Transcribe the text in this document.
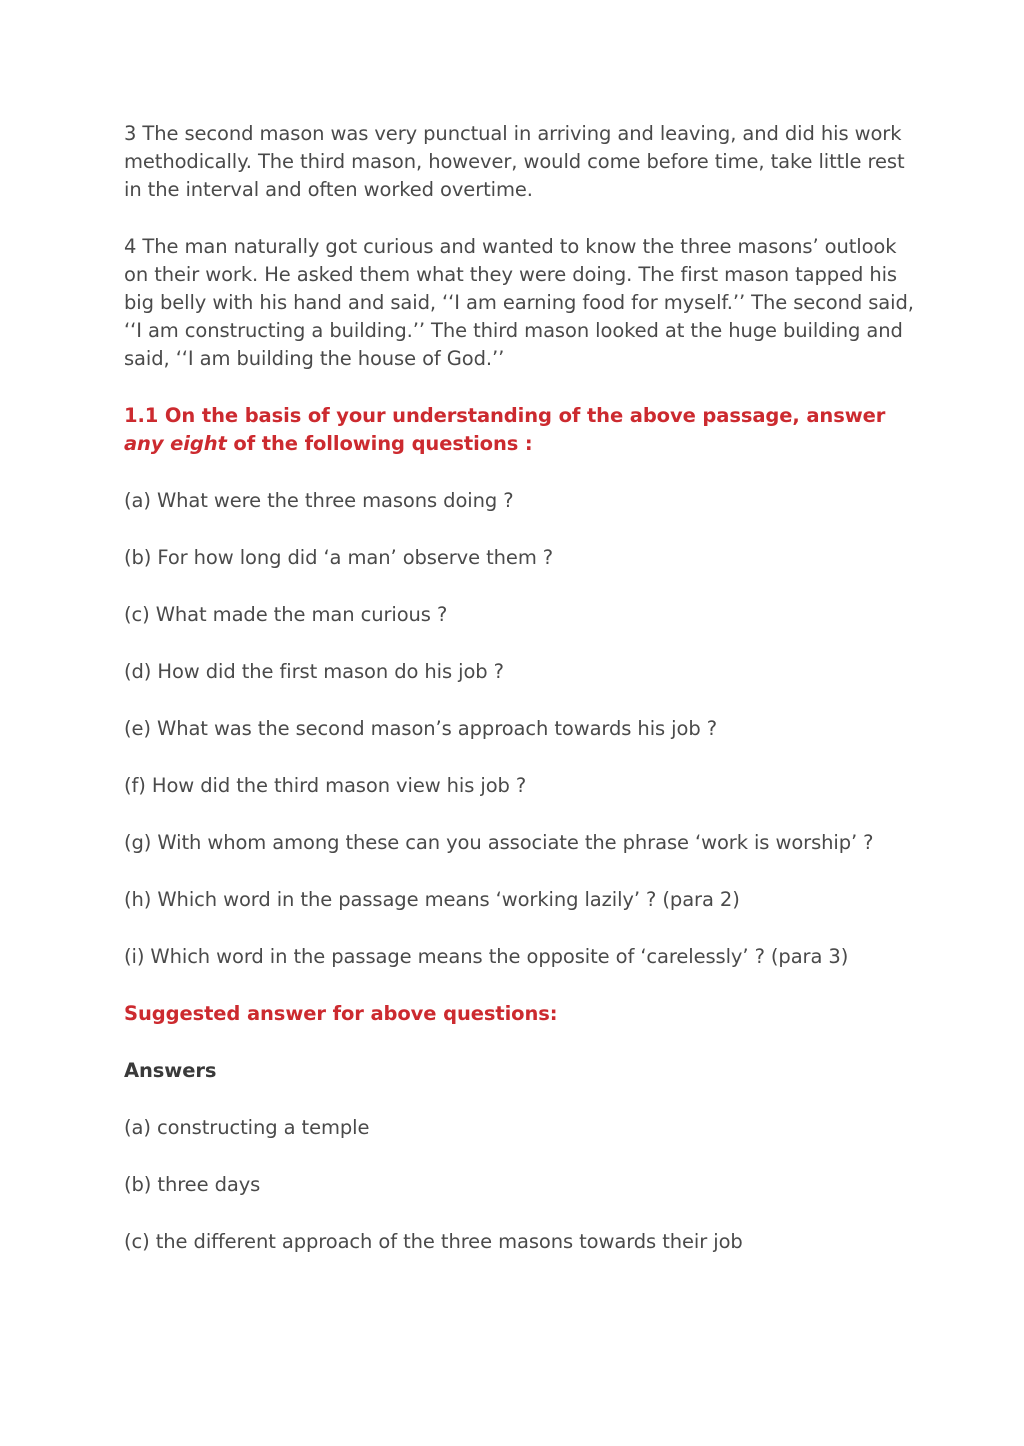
3 The second mason was very punctual in arriving and leaving, and did his work methodically. The third mason, however, would come before time, take little rest in the interval and often worked overtime.

4 The man naturally got curious and wanted to know the three masons’ outlook on their work. He asked them what they were doing. The first mason tapped his big belly with his hand and said, ‘‘I am earning food for myself.’’ The second said, ‘‘I am constructing a building.’’ The third mason looked at the huge building and said, ‘‘I am building the house of God.’’

1.1 On the basis of your understanding of the above passage, answer any eight of the following questions :

(a) What were the three masons doing ?

(b) For how long did ‘a man’ observe them ?

(c) What made the man curious ?

(d) How did the first mason do his job ?

(e) What was the second mason’s approach towards his job ?

(f) How did the third mason view his job ?

(g) With whom among these can you associate the phrase ‘work is worship’ ?

(h) Which word in the passage means ‘working lazily’ ? (para 2)

(i) Which word in the passage means the opposite of ‘carelessly’ ? (para 3)

Suggested answer for above questions:

Answers

(a) constructing a temple

(b) three days

(c) the different approach of the three masons towards their job
